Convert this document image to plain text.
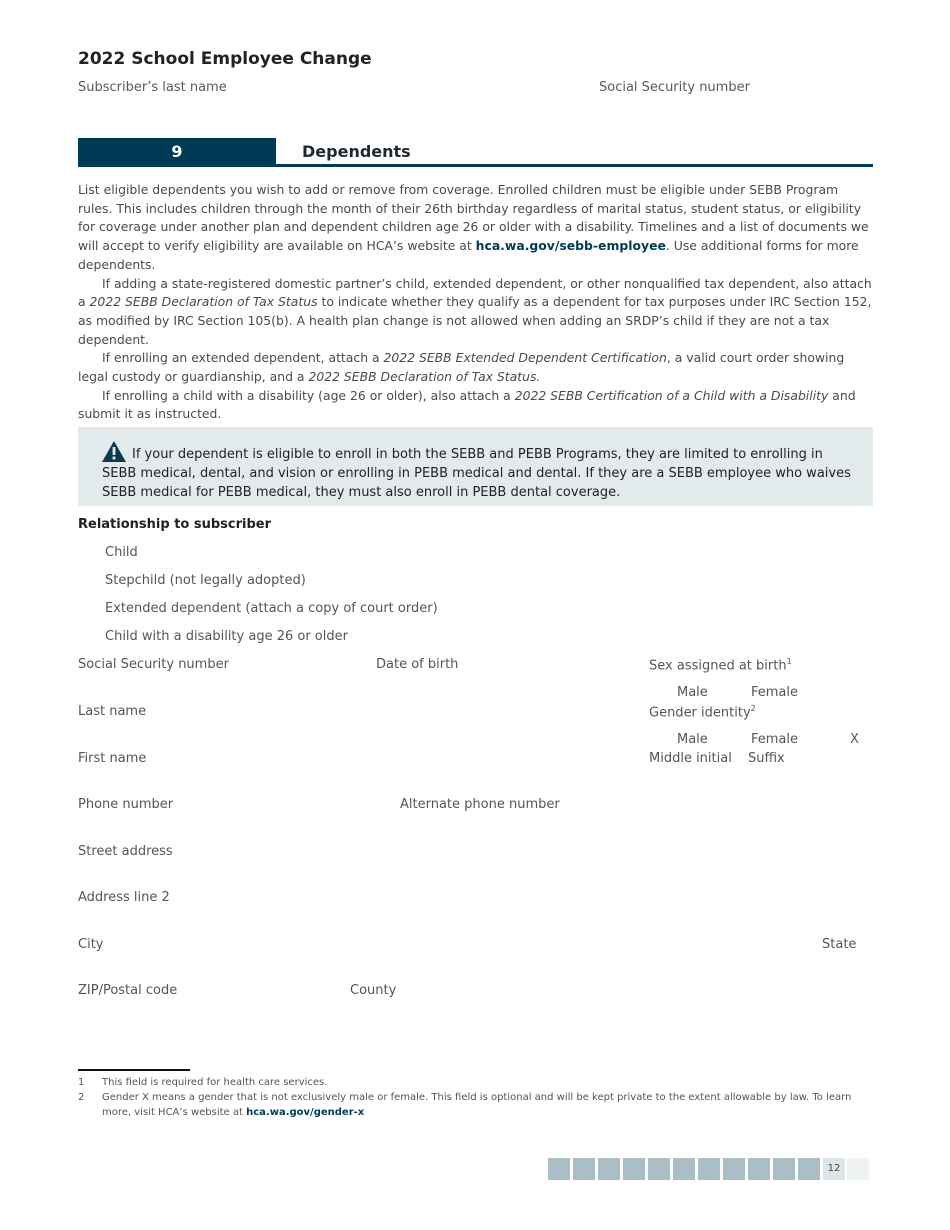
2022 School Employee Change
Subscriber’s last name	Social Security number
9	Dependents

List eligible dependents you wish to add or remove from coverage. Enrolled children must be eligible under SEBB Program rules. This includes children through the month of their 26th birthday regardless of marital status, student status, or eligibility for coverage under another plan and dependent children age 26 or older with a disability. Timelines and a list of documents we will accept to verify eligibility are available on HCA’s website at hca.wa.gov/sebb-employee. Use additional forms for more dependents.

If adding a state-registered domestic partner’s child, extended dependent, or other nonqualified tax dependent, also attach a 2022 SEBB Declaration of Tax Status to indicate whether they qualify as a dependent for tax purposes under IRC Section 152, as modified by IRC Section 105(b). A health plan change is not allowed when adding an SRDP’s child if they are not a tax dependent.

If enrolling an extended dependent, attach a 2022 SEBB Extended Dependent Certification, a valid court order showing legal custody or guardianship, and a 2022 SEBB Declaration of Tax Status.

If enrolling a child with a disability (age 26 or older), also attach a 2022 SEBB Certification of a Child with a Disability and submit it as instructed.

If your dependent is eligible to enroll in both the SEBB and PEBB Programs, they are limited to enrolling in SEBB medical, dental, and vision or enrolling in PEBB medical and dental. If they are a SEBB employee who waives SEBB medical for PEBB medical, they must also enroll in PEBB dental coverage.
Relationship to subscriber
Child
Stepchild (not legally adopted)
Extended dependent (attach a copy of court order)
Child with a disability age 26 or older
Social Security number	Date of birth	Sex assigned at birth$^1$
Male	Female
Last name	Gender identity$^2$
Male	Female	X
First name	Middle initial Suffix
Phone number	Alternate phone number
Street address
Address line 2
City	State
ZIP/Postal code	County
1 This field is required for health care services.
2 Gender X means a gender that is not exclusively male or female. This field is optional and will be kept private to the extent allowable by law. To learn more, visit HCA’s website at hca.wa.gov/gender-x
12
